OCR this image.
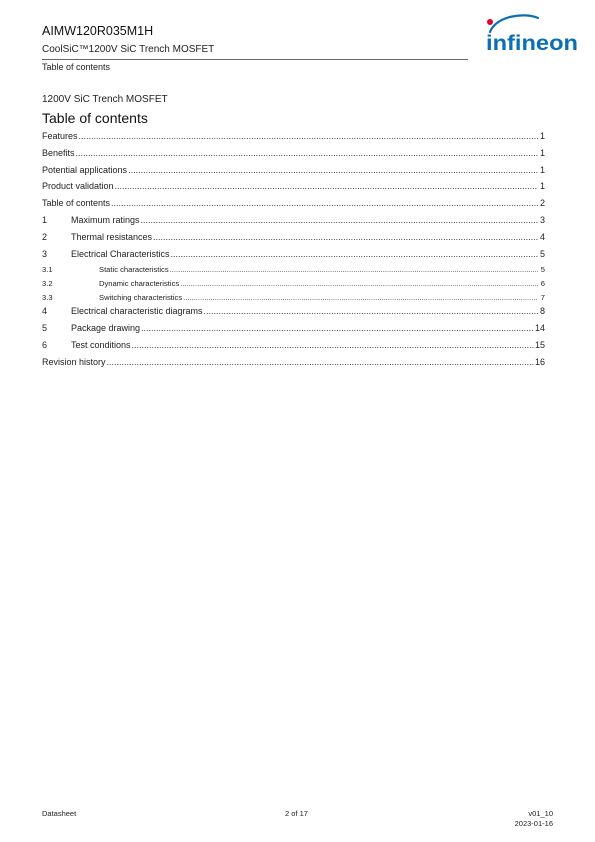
AIMW120R035M1H
CoolSiC™1200V SiC Trench MOSFET
Table of contents
infineon
1200V SiC Trench MOSFET
Table of contents
Features .....	1
Benefits .....	1
Potential applications .....	1
Product validation .....	1
Table of contents .....	2
1	Maximum ratings .....	3
2	Thermal resistances .....	4
3	Electrical Characteristics .....	5
3.1	Static characteristics .....	5
3.2	Dynamic characteristics .....	6
3.3	Switching characteristics .....	7
4	Electrical characteristic diagrams .....	8
5	Package drawing .....	14
6	Test conditions .....	15
Revision history .....	16
Datasheet	2 of 17	v01_10
2023-01-16
